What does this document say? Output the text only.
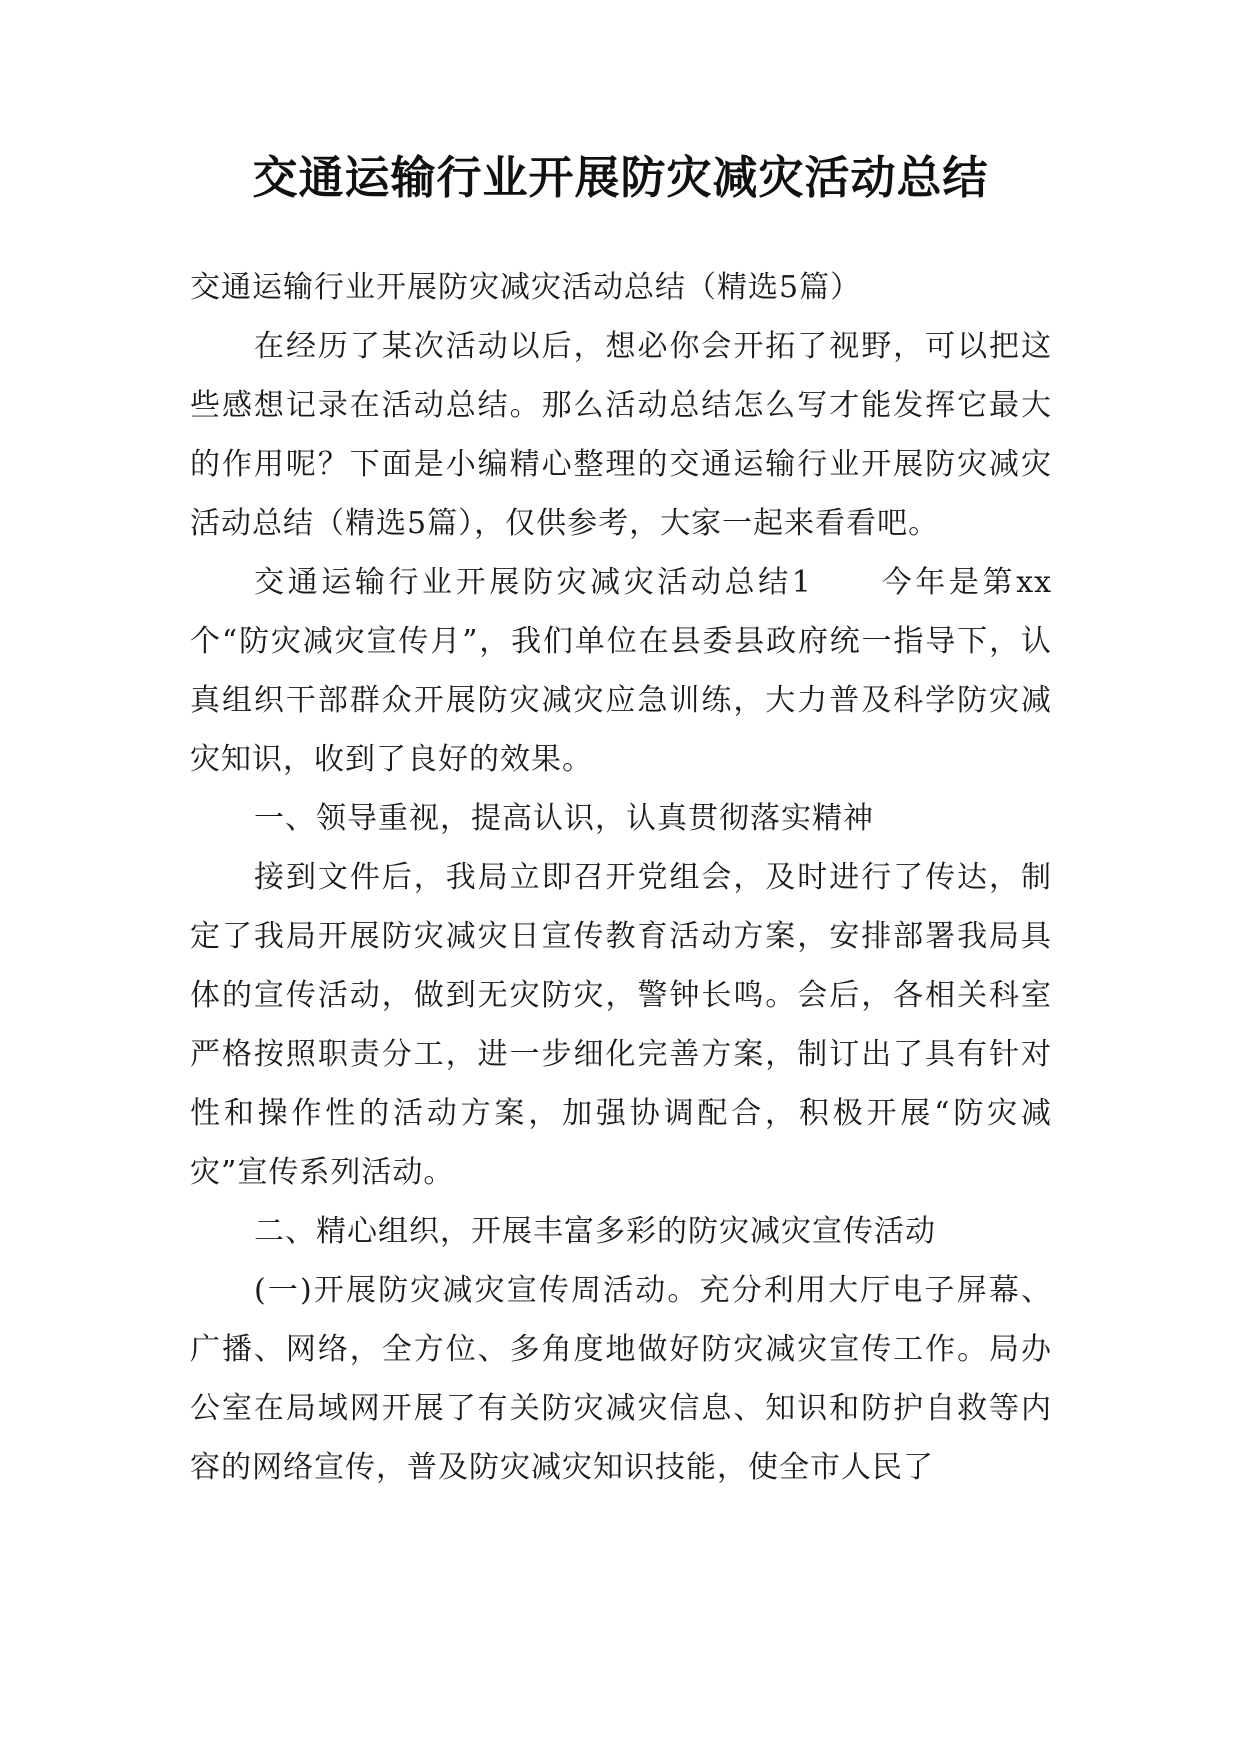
交通运输行业开展防灾减灾活动总结

交通运输行业开展防灾减灾活动总结（精选5篇）

在经历了某次活动以后，想必你会开拓了视野，可以把这些感想记录在活动总结。那么活动总结怎么写才能发挥它最大的作用呢？下面是小编精心整理的交通运输行业开展防灾减灾活动总结（精选5篇），仅供参考，大家一起来看看吧。

交通运输行业开展防灾减灾活动总结1　　今年是第xx个“防灾减灾宣传月”，我们单位在县委县政府统一指导下，认真组织干部群众开展防灾减灾应急训练，大力普及科学防灾减灾知识，收到了良好的效果。

一、领导重视，提高认识，认真贯彻落实精神

接到文件后，我局立即召开党组会，及时进行了传达，制定了我局开展防灾减灾日宣传教育活动方案，安排部署我局具体的宣传活动，做到无灾防灾，警钟长鸣。会后，各相关科室严格按照职责分工，进一步细化完善方案，制订出了具有针对性和操作性的活动方案，加强协调配合，积极开展“防灾减灾”宣传系列活动。

二、精心组织，开展丰富多彩的防灾减灾宣传活动

(一)开展防灾减灾宣传周活动。充分利用大厅电子屏幕、广播、网络，全方位、多角度地做好防灾减灾宣传工作。局办公室在局域网开展了有关防灾减灾信息、知识和防护自救等内容的网络宣传，普及防灾减灾知识技能，使全市人民了
